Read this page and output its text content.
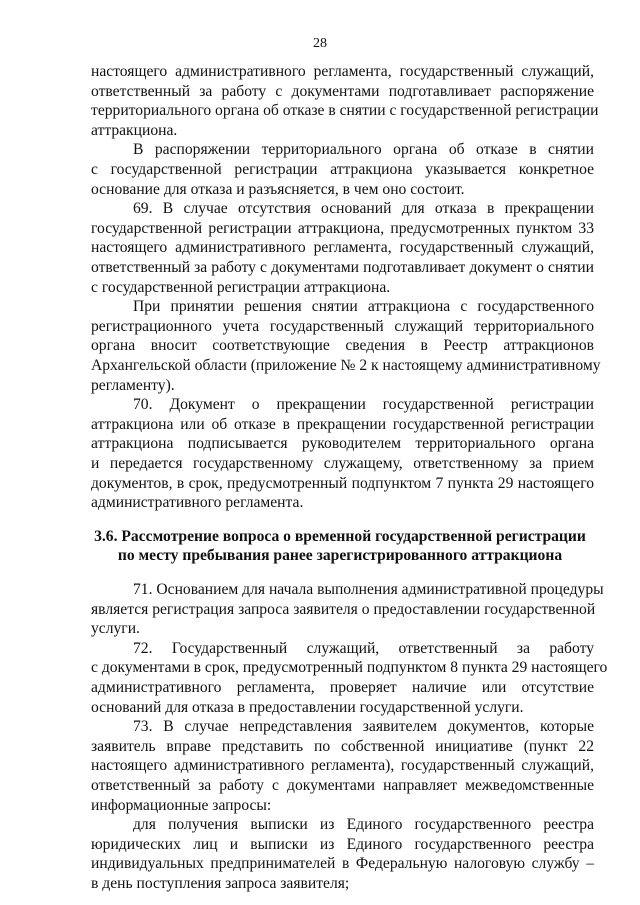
28
настоящего административного регламента, государственный служащий,
ответственный за работу с документами подготавливает распоряжение
территориального органа об отказе в снятии с государственной регистрации
аттракциона.
В распоряжении территориального органа об отказе в снятии
с государственной регистрации аттракциона указывается конкретное
основание для отказа и разъясняется, в чем оно состоит.
69. В случае отсутствия оснований для отказа в прекращении
государственной регистрации аттракциона, предусмотренных пунктом 33
настоящего административного регламента, государственный служащий,
ответственный за работу с документами подготавливает документ о снятии
с государственной регистрации аттракциона.
При принятии решения снятии аттракциона с государственного
регистрационного учета государственный служащий территориального
органа вносит соответствующие сведения в Реестр аттракционов
Архангельской области (приложение № 2 к настоящему административному
регламенту).
70. Документ о прекращении государственной регистрации
аттракциона или об отказе в прекращении государственной регистрации
аттракциона подписывается руководителем территориального органа
и передается государственному служащему, ответственному за прием
документов, в срок, предусмотренный подпунктом 7 пункта 29 настоящего
административного регламента.
3.6. Рассмотрение вопроса о временной государственной регистрации
по месту пребывания ранее зарегистрированного аттракциона
71. Основанием для начала выполнения административной процедуры
является регистрация запроса заявителя о предоставлении государственной
услуги.
72. Государственный служащий, ответственный за работу
с документами в срок, предусмотренный подпунктом 8 пункта 29 настоящего
административного регламента, проверяет наличие или отсутствие
оснований для отказа в предоставлении государственной услуги.
73. В случае непредставления заявителем документов, которые
заявитель вправе представить по собственной инициативе (пункт 22
настоящего административного регламента), государственный служащий,
ответственный за работу с документами направляет межведомственные
информационные запросы:
для получения выписки из Единого государственного реестра
юридических лиц и выписки из Единого государственного реестра
индивидуальных предпринимателей в Федеральную налоговую службу –
в день поступления запроса заявителя;
